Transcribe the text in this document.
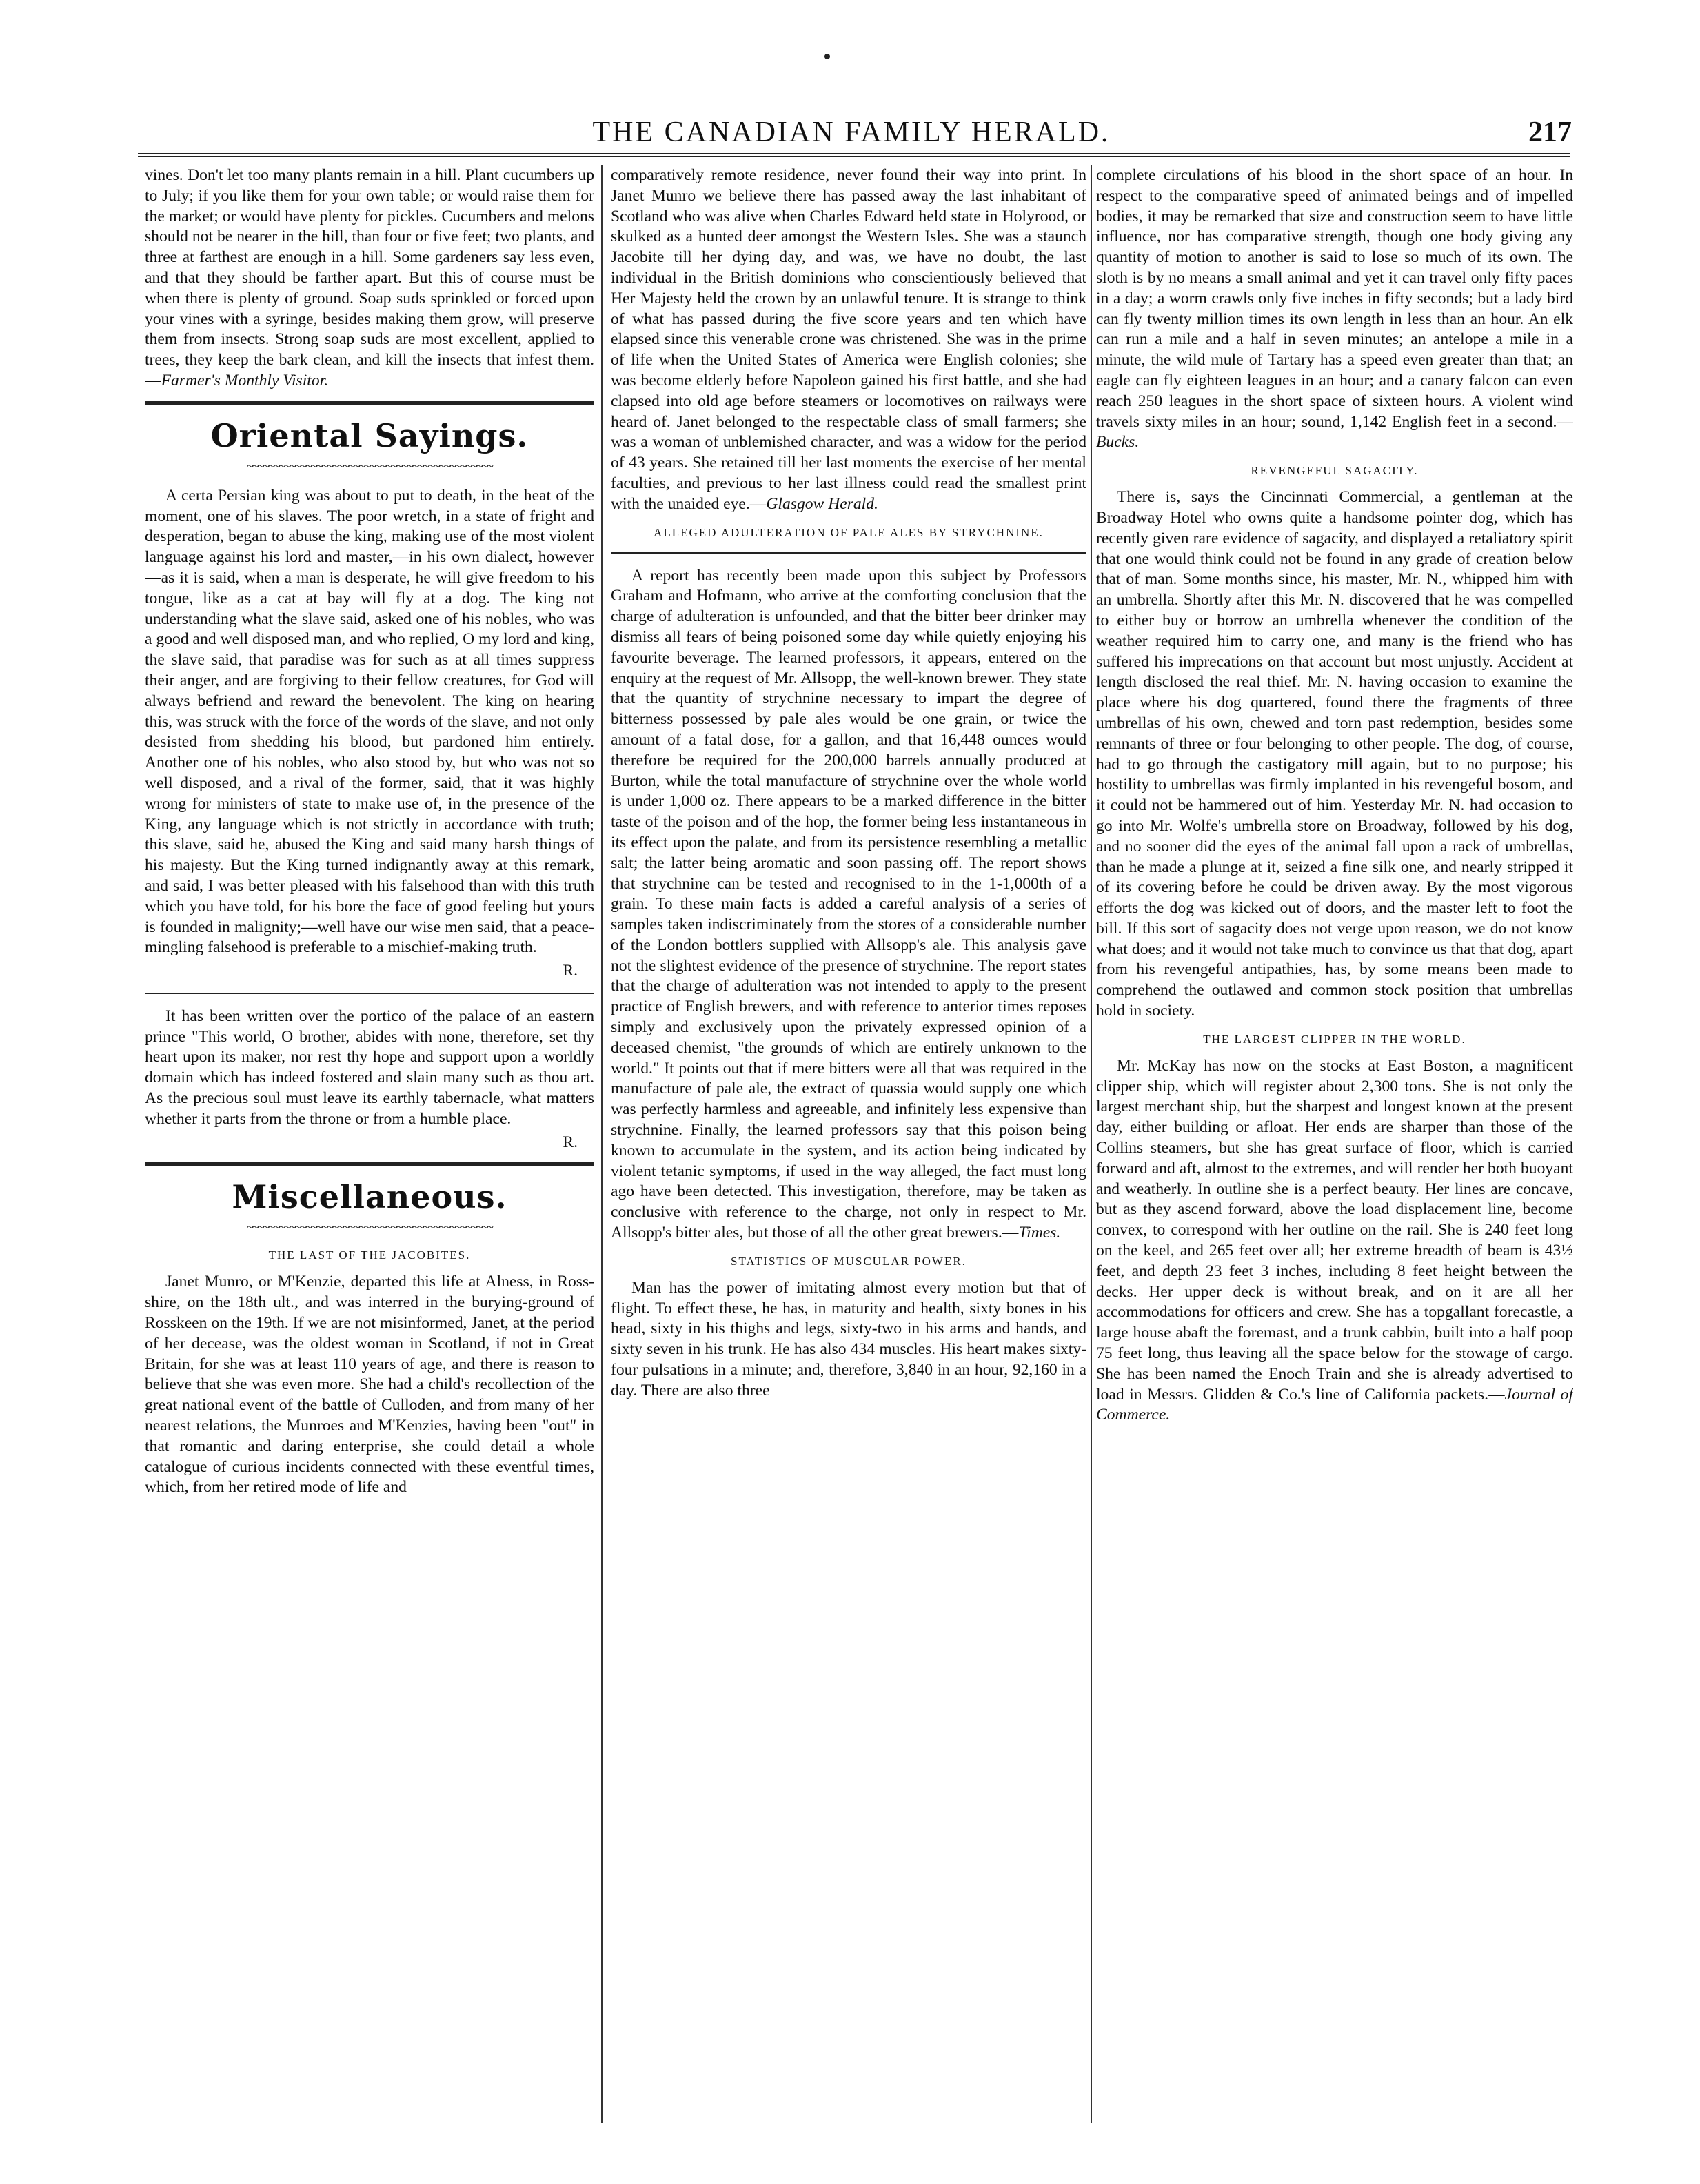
THE CANADIAN FAMILY HERALD.	217

vines. Don't let too many plants remain in a hill. Plant cucumbers up to July; if you like them for your own table; or would raise them for the market; or would have plenty for pickles. Cucumbers and melons should not be nearer in the hill, than four or five feet; two plants, and three at farthest are enough in a hill. Some gardeners say less even, and that they should be farther apart. But this of course must be when there is plenty of ground. Soap suds sprinkled or forced upon your vines with a syringe, besides making them grow, will preserve them from insects. Strong soap suds are most excellent, applied to trees, they keep the bark clean, and kill the insects that infest them.—Farmer's Monthly Visitor.

Oriental Sayings.
~~~~~~~~~~~~~~~~~~~~~~~~~~~~~~~~~~~~~~~~~~~~~~

A certa Persian king was about to put to death, in the heat of the moment, one of his slaves. The poor wretch, in a state of fright and desperation, began to abuse the king, making use of the most violent language against his lord and master,—in his own dialect, however—as it is said, when a man is desperate, he will give freedom to his tongue, like as a cat at bay will fly at a dog. The king not understanding what the slave said, asked one of his nobles, who was a good and well disposed man, and who replied, O my lord and king, the slave said, that paradise was for such as at all times suppress their anger, and are forgiving to their fellow creatures, for God will always befriend and reward the benevolent. The king on hearing this, was struck with the force of the words of the slave, and not only desisted from shedding his blood, but pardoned him entirely. Another one of his nobles, who also stood by, but who was not so well disposed, and a rival of the former, said, that it was highly wrong for ministers of state to make use of, in the presence of the King, any language which is not strictly in accordance with truth; this slave, said he, abused the King and said many harsh things of his majesty. But the King turned indignantly away at this remark, and said, I was better pleased with his falsehood than with this truth which you have told, for his bore the face of good feeling but yours is founded in malignity;—well have our wise men said, that a peace-mingling falsehood is preferable to a mischief-making truth.

R.

It has been written over the portico of the palace of an eastern prince "This world, O brother, abides with none, therefore, set thy heart upon its maker, nor rest thy hope and support upon a worldly domain which has indeed fostered and slain many such as thou art. As the precious soul must leave its earthly tabernacle, what matters whether it parts from the throne or from a humble place.

R.
Miscellaneous.
~~~~~~~~~~~~~~~~~~~~~~~~~~~~~~~~~~~~~~~~~~~~~~
THE LAST OF THE JACOBITES.

Janet Munro, or M'Kenzie, departed this life at Alness, in Ross-shire, on the 18th ult., and was interred in the burying-ground of Rosskeen on the 19th. If we are not misinformed, Janet, at the period of her decease, was the oldest woman in Scotland, if not in Great Britain, for she was at least 110 years of age, and there is reason to believe that she was even more. She had a child's recollection of the great national event of the battle of Culloden, and from many of her nearest relations, the Munroes and M'Kenzies, having been "out" in that romantic and daring enterprise, she could detail a whole catalogue of curious incidents connected with these eventful times, which, from her retired mode of life and

comparatively remote residence, never found their way into print. In Janet Munro we believe there has passed away the last inhabitant of Scotland who was alive when Charles Edward held state in Holyrood, or skulked as a hunted deer amongst the Western Isles. She was a staunch Jacobite till her dying day, and was, we have no doubt, the last individual in the British dominions who conscientiously believed that Her Majesty held the crown by an unlawful tenure. It is strange to think of what has passed during the five score years and ten which have elapsed since this venerable crone was christened. She was in the prime of life when the United States of America were English colonies; she was become elderly before Napoleon gained his first battle, and she had clapsed into old age before steamers or locomotives on railways were heard of. Janet belonged to the respectable class of small farmers; she was a woman of unblemished character, and was a widow for the period of 43 years. She retained till her last moments the exercise of her mental faculties, and previous to her last illness could read the smallest print with the unaided eye.—Glasgow Herald.

ALLEGED ADULTERATION OF PALE ALES BY STRYCHNINE.

A report has recently been made upon this subject by Professors Graham and Hofmann, who arrive at the comforting conclusion that the charge of adulteration is unfounded, and that the bitter beer drinker may dismiss all fears of being poisoned some day while quietly enjoying his favourite beverage. The learned professors, it appears, entered on the enquiry at the request of Mr. Allsopp, the well-known brewer. They state that the quantity of strychnine necessary to impart the degree of bitterness possessed by pale ales would be one grain, or twice the amount of a fatal dose, for a gallon, and that 16,448 ounces would therefore be required for the 200,000 barrels annually produced at Burton, while the total manufacture of strychnine over the whole world is under 1,000 oz. There appears to be a marked difference in the bitter taste of the poison and of the hop, the former being less instantaneous in its effect upon the palate, and from its persistence resembling a metallic salt; the latter being aromatic and soon passing off. The report shows that strychnine can be tested and recognised to in the 1-1,000th of a grain. To these main facts is added a careful analysis of a series of samples taken indiscriminately from the stores of a considerable number of the London bottlers supplied with Allsopp's ale. This analysis gave not the slightest evidence of the presence of strychnine. The report states that the charge of adulteration was not intended to apply to the present practice of English brewers, and with reference to anterior times reposes simply and exclusively upon the privately expressed opinion of a deceased chemist, "the grounds of which are entirely unknown to the world." It points out that if mere bitters were all that was required in the manufacture of pale ale, the extract of quassia would supply one which was perfectly harmless and agreeable, and infinitely less expensive than strychnine. Finally, the learned professors say that this poison being known to accumulate in the system, and its action being indicated by violent tetanic symptoms, if used in the way alleged, the fact must long ago have been detected. This investigation, therefore, may be taken as conclusive with reference to the charge, not only in respect to Mr. Allsopp's bitter ales, but those of all the other great brewers.—Times.

STATISTICS OF MUSCULAR POWER.

Man has the power of imitating almost every motion but that of flight. To effect these, he has, in maturity and health, sixty bones in his head, sixty in his thighs and legs, sixty-two in his arms and hands, and sixty seven in his trunk. He has also 434 muscles. His heart makes sixty-four pulsations in a minute; and, therefore, 3,840 in an hour, 92,160 in a day. There are also three

complete circulations of his blood in the short space of an hour. In respect to the comparative speed of animated beings and of impelled bodies, it may be remarked that size and construction seem to have little influence, nor has comparative strength, though one body giving any quantity of motion to another is said to lose so much of its own. The sloth is by no means a small animal and yet it can travel only fifty paces in a day; a worm crawls only five inches in fifty seconds; but a lady bird can fly twenty million times its own length in less than an hour. An elk can run a mile and a half in seven minutes; an antelope a mile in a minute, the wild mule of Tartary has a speed even greater than that; an eagle can fly eighteen leagues in an hour; and a canary falcon can even reach 250 leagues in the short space of sixteen hours. A violent wind travels sixty miles in an hour; sound, 1,142 English feet in a second.—Bucks.

REVENGEFUL SAGACITY.

There is, says the Cincinnati Commercial, a gentleman at the Broadway Hotel who owns quite a handsome pointer dog, which has recently given rare evidence of sagacity, and displayed a retaliatory spirit that one would think could not be found in any grade of creation below that of man. Some months since, his master, Mr. N., whipped him with an umbrella. Shortly after this Mr. N. discovered that he was compelled to either buy or borrow an umbrella whenever the condition of the weather required him to carry one, and many is the friend who has suffered his imprecations on that account but most unjustly. Accident at length disclosed the real thief. Mr. N. having occasion to examine the place where his dog quartered, found there the fragments of three umbrellas of his own, chewed and torn past redemption, besides some remnants of three or four belonging to other people. The dog, of course, had to go through the castigatory mill again, but to no purpose; his hostility to umbrellas was firmly implanted in his revengeful bosom, and it could not be hammered out of him. Yesterday Mr. N. had occasion to go into Mr. Wolfe's umbrella store on Broadway, followed by his dog, and no sooner did the eyes of the animal fall upon a rack of umbrellas, than he made a plunge at it, seized a fine silk one, and nearly stripped it of its covering before he could be driven away. By the most vigorous efforts the dog was kicked out of doors, and the master left to foot the bill. If this sort of sagacity does not verge upon reason, we do not know what does; and it would not take much to convince us that that dog, apart from his revengeful antipathies, has, by some means been made to comprehend the outlawed and common stock position that umbrellas hold in society.

THE LARGEST CLIPPER IN THE WORLD.

Mr. McKay has now on the stocks at East Boston, a magnificent clipper ship, which will register about 2,300 tons. She is not only the largest merchant ship, but the sharpest and longest known at the present day, either building or afloat. Her ends are sharper than those of the Collins steamers, but she has great surface of floor, which is carried forward and aft, almost to the extremes, and will render her both buoyant and weatherly. In outline she is a perfect beauty. Her lines are concave, but as they ascend forward, above the load displacement line, become convex, to correspond with her outline on the rail. She is 240 feet long on the keel, and 265 feet over all; her extreme breadth of beam is 43½ feet, and depth 23 feet 3 inches, including 8 feet height between the decks. Her upper deck is without break, and on it are all her accommodations for officers and crew. She has a topgallant forecastle, a large house abaft the foremast, and a trunk cabbin, built into a half poop 75 feet long, thus leaving all the space below for the stowage of cargo. She has been named the Enoch Train and she is already advertised to load in Messrs. Glidden & Co.'s line of California packets.—Journal of Commerce.
